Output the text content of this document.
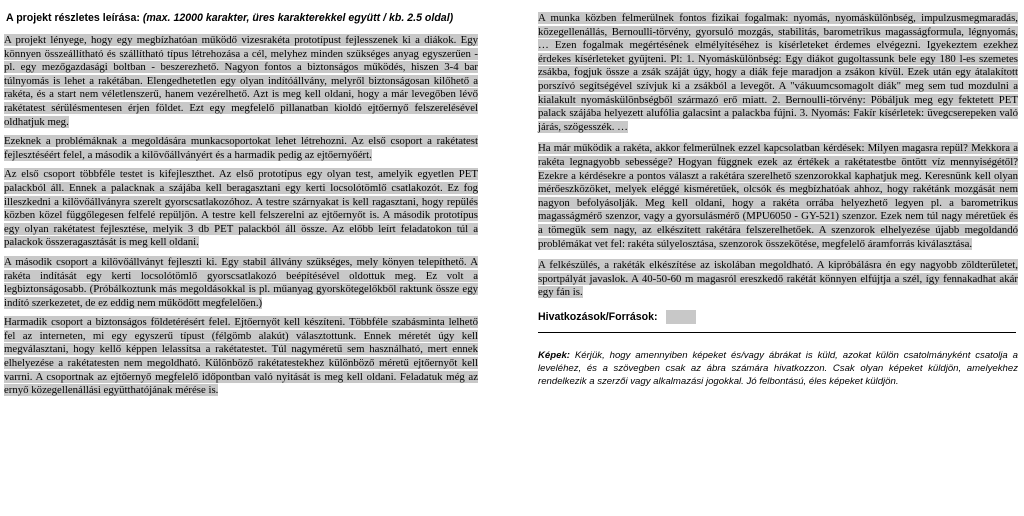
A projekt részletes leírása: (max. 12000 karakter, üres karakterekkel együtt / kb. 2.5 oldal)

A projekt lényege, hogy egy megbízhatóan működő vizesrakéta prototípust fejlesszenek ki a diákok. Egy könnyen összeállítható és szállítható típus létrehozása a cél, melyhez minden szükséges anyag egyszerűen - pl. egy mezőgazdasági boltban - beszerezhető. Nagyon fontos a biztonságos működés, hiszen 3-4 bar túlnyomás is lehet a rakétában. Elengedhetetlen egy olyan indítóállvány, melyről biztonságosan kilőhető a rakéta, és a start nem véletlenszerű, hanem vezérelhető. Azt is meg kell oldani, hogy a már levegőben lévő rakétatest sérülésmentesen érjen földet. Ezt egy megfelelő pillanatban kioldó ejtőernyő felszerelésével oldhatjuk meg.

Ezeknek a problémáknak a megoldására munkacsoportokat lehet létrehozni. Az első csoport a rakétatest fejlesztéséért felel, a második a kilövőállványért és a harmadik pedig az ejtőernyőért.

Az első csoport többféle testet is kifejleszthet. Az első prototípus egy olyan test, amelyik egyetlen PET palackból áll. Ennek a palacknak a szájába kell beragasztani egy kerti locsolótömlő csatlakozót. Ez fog illeszkedni a kilövőállványra szerelt gyorscsatlakozóhoz. A testre szárnyakat is kell ragasztani, hogy repülés közben közel függőlegesen felfelé repüljön. A testre kell felszerelni az ejtőernyőt is. A második prototípus egy olyan rakétatest fejlesztése, melyik 3 db PET palackból áll össze. Az előbb leírt feladatokon túl a palackok összeragasztását is meg kell oldani.

A második csoport a kilövőállványt fejleszti ki. Egy stabil állvány szükséges, mely könyen telepíthető. A rakéta indítását egy kerti locsolótömlő gyorscsatlakozó beépítésével oldottuk meg. Ez volt a legbiztonságosabb. (Próbálkoztunk más megoldásokkal is pl. műanyag gyorskötegelőkből raktunk össze egy indító szerkezetet, de ez eddig nem működött megfelelően.)

Harmadik csoport a biztonságos földetérésért felel. Ejtőernyőt kell készíteni. Többféle szabásminta lelhető fel az interneten, mi egy egyszerű típust (félgömb alakút) választottunk. Ennek méretét úgy kell megválasztani, hogy kellő képpen lelassítsa a rakétatestet. Túl nagyméretű sem használható, mert ennek elhelyezése a rakétatesten nem megoldható. Különböző rakétatestekhez különböző méretű ejtőernyőt kell varrni. A csoportnak az ejtőernyő megfelelő időpontban való nyitását is meg kell oldani. Feladatuk még az ernyő közegellenállási együtthatójának mérése is.

A munka közben felmerülnek fontos fizikai fogalmak: nyomás, nyomáskülönbség, impulzusmegmaradás, közegellenállás, Bernoulli-törvény, gyorsuló mozgás, stabilitás, barometrikus magasságformula, légnyomás, … Ezen fogalmak megértésének elmélyítéséhez is kísérleteket érdemes elvégezni. Igyekeztem ezekhez érdekes kísérleteket gyűjteni. Pl: 1. Nyomáskülönbség: Egy diákot gugoltassunk bele egy 180 l-es szemetes zsákba, fogjuk össze a zsák száját úgy, hogy a diák feje maradjon a zsákon kívül. Ezek után egy átalakított porszívó segítségével szívjuk ki a zsákból a levegőt. A "vákuumcsomagolt diák" meg sem tud mozdulni a kialakult nyomáskülönbségből származó erő miatt. 2. Bernoulli-törvény: Pöbáljuk meg egy fektetett PET palack szájába helyezett alufólia galacsint a palackba fújni. 3. Nyomás: Fakír kísérletek: üvegcserepeken való járás, szögesszék. …

Ha már működik a rakéta, akkor felmerülnek ezzel kapcsolatban kérdések: Milyen magasra repül? Mekkora a rakéta legnagyobb sebessége? Hogyan függnek ezek az értékek a rakétatestbe öntött víz mennyiségétől? Ezekre a kérdésekre a pontos választ a rakétára szerelhető szenzorokkal kaphatjuk meg. Keresnünk kell olyan mérőeszközöket, melyek eléggé kisméretűek, olcsók és megbízhatóak ahhoz, hogy rakétánk mozgását nem nagyon befolyásolják. Meg kell oldani, hogy a rakéta orrába helyezhető legyen pl. a barometrikus magasságmérő szenzor, vagy a gyorsulásmérő (MPU6050 - GY-521) szenzor. Ezek nem túl nagy méretűek és a tömegük sem nagy, az elkészített rakétára felszerelhetőek. A szenzorok elhelyezése újabb megoldandó problémákat vet fel: rakéta súlyelosztása, szenzorok összekötése, megfelelő áramforrás kiválasztása.

A felkészülés, a rakéták elkészítése az iskolában megoldható. A kipróbálásra én egy nagyobb zöldterületet, sportpályát javaslok. A 40-50-60 m magasról ereszkedő rakétát könnyen elfújtja a szél, így fennakadhat akár egy fán is.

Hivatkozások/Források:
Képek: Kérjük, hogy amennyiben képeket és/vagy ábrákat is küld, azokat külön csatolmányként csatolja a leveléhez, és a szövegben csak az ábra számára hivatkozzon. Csak olyan képeket küldjön, amelyekhez rendelkezik a szerzői vagy alkalmazási jogokkal. Jó felbontású, éles képeket küldjön.
